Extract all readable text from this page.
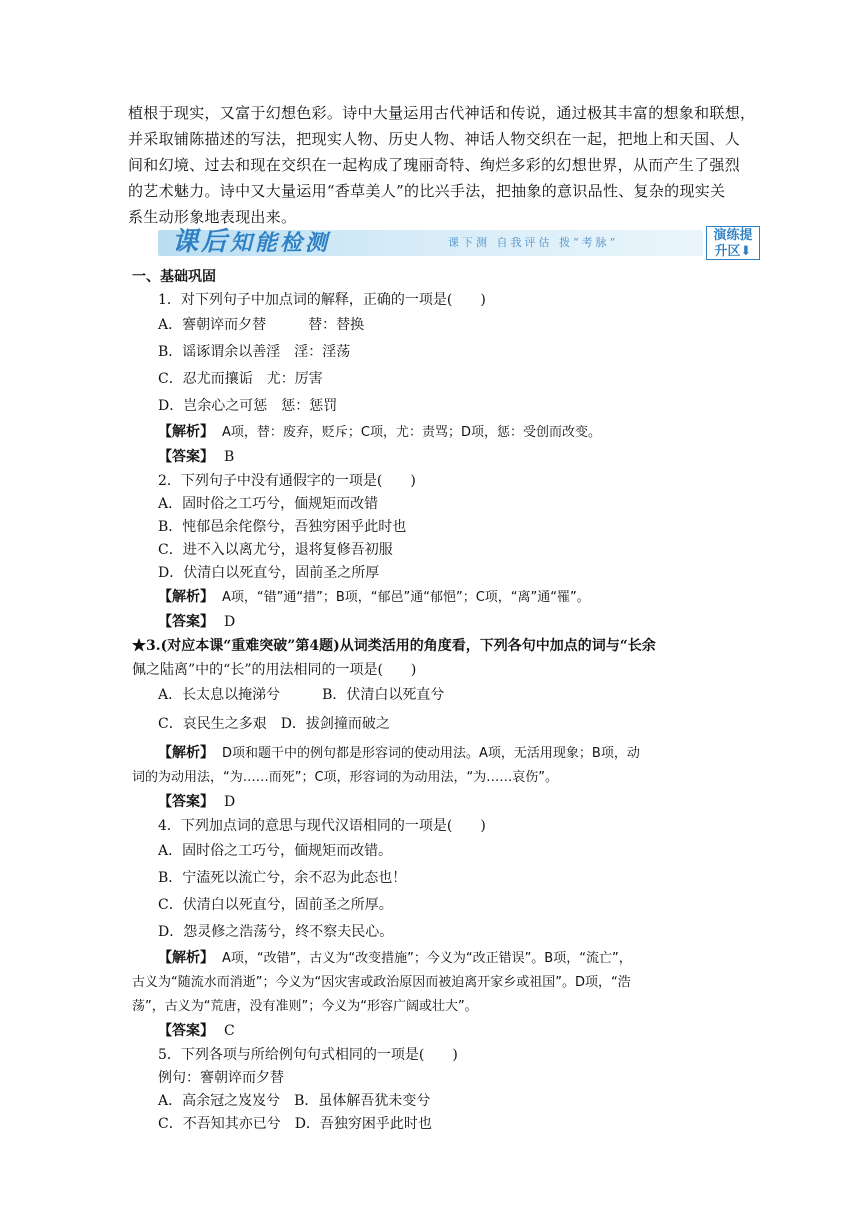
植根于现实，又富于幻想色彩。诗中大量运用古代神话和传说，通过极其丰富的想象和联想，

并采取铺陈描述的写法，把现实人物、历史人物、神话人物交织在一起，把地上和天国、人

间和幻境、过去和现在交织在一起构成了瑰丽奇特、绚烂多彩的幻想世界，从而产生了强烈

的艺术魅力。诗中又大量运用“香草美人”的比兴手法，把抽象的意识品性、复杂的现实关

系生动形象地表现出来。

课后知能检测	课下测 自我评估 拨“考脉”	演练提
升区⬇
一、基础巩固
1．对下列句子中加点词的解释，正确的一项是(　　)
A．謇朝谇而夕替　　　替：替换
B．谣诼谓余以善淫　淫：淫荡
C．忍尤而攘诟　尤：厉害
D．岂余心之可惩　惩：惩罚
【解析】 A项，替：废弃，贬斥；C项，尤：责骂；D项，惩：受创而改变。
【答案】 B
2．下列句子中没有通假字的一项是(　　)
A．固时俗之工巧兮，偭规矩而改错
B．忳郁邑余侘傺兮，吾独穷困乎此时也
C．进不入以离尤兮，退将复修吾初服
D．伏清白以死直兮，固前圣之所厚
【解析】 A项，“错”通“措”；B项，“郁邑”通“郁悒”；C项，“离”通“罹”。
【答案】 D
★3.(对应本课“重难突破”第4题)从词类活用的角度看，下列各句中加点的词与“长余
佩之陆离”中的“长”的用法相同的一项是(　　)
A．长太息以掩涕兮　　　B．伏清白以死直兮
C．哀民生之多艰　D．拔剑撞而破之
【解析】 D项和题干中的例句都是形容词的使动用法。A项，无活用现象；B项，动
词的为动用法，“为……而死”；C项，形容词的为动用法，“为……哀伤”。
【答案】 D
4．下列加点词的意思与现代汉语相同的一项是(　　)
A．固时俗之工巧兮，偭规矩而改错。
B．宁溘死以流亡兮，余不忍为此态也！
C．伏清白以死直兮，固前圣之所厚。
D．怨灵修之浩荡兮，终不察夫民心。
【解析】 A项，“改错”，古义为“改变措施”；今义为“改正错误”。B项，“流亡”，
古义为“随流水而消逝”；今义为“因灾害或政治原因而被迫离开家乡或祖国”。D项，“浩
荡”，古义为“荒唐，没有准则”；今义为“形容广阔或壮大”。
【答案】 C
5．下列各项与所给例句句式相同的一项是(　　)
例句：謇朝谇而夕替
A．高余冠之岌岌兮　B．虽体解吾犹未变兮
C．不吾知其亦已兮　D．吾独穷困乎此时也
